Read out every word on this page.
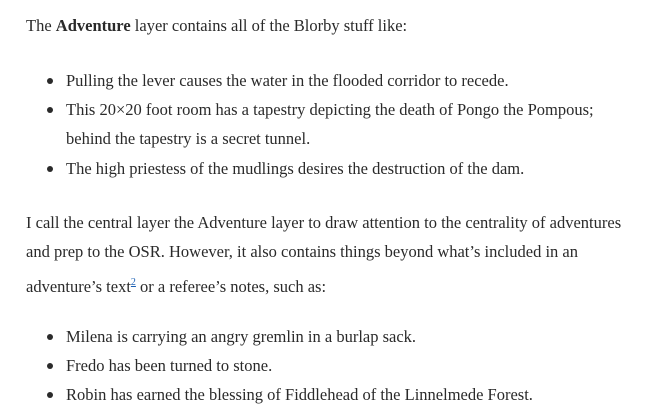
The Adventure layer contains all of the Blorby stuff like:
Pulling the lever causes the water in the flooded corridor to recede.
This 20×20 foot room has a tapestry depicting the death of Pongo the Pompous;
behind the tapestry is a secret tunnel.
The high priestess of the mudlings desires the destruction of the dam.
I call the central layer the Adventure layer to draw attention to the centrality of adventures
and prep to the OSR. However, it also contains things beyond what’s included in an
adventure’s text$^2$ or a referee’s notes, such as:
Milena is carrying an angry gremlin in a burlap sack.
Fredo has been turned to stone.
Robin has earned the blessing of Fiddlehead of the Linnelmede Forest.
